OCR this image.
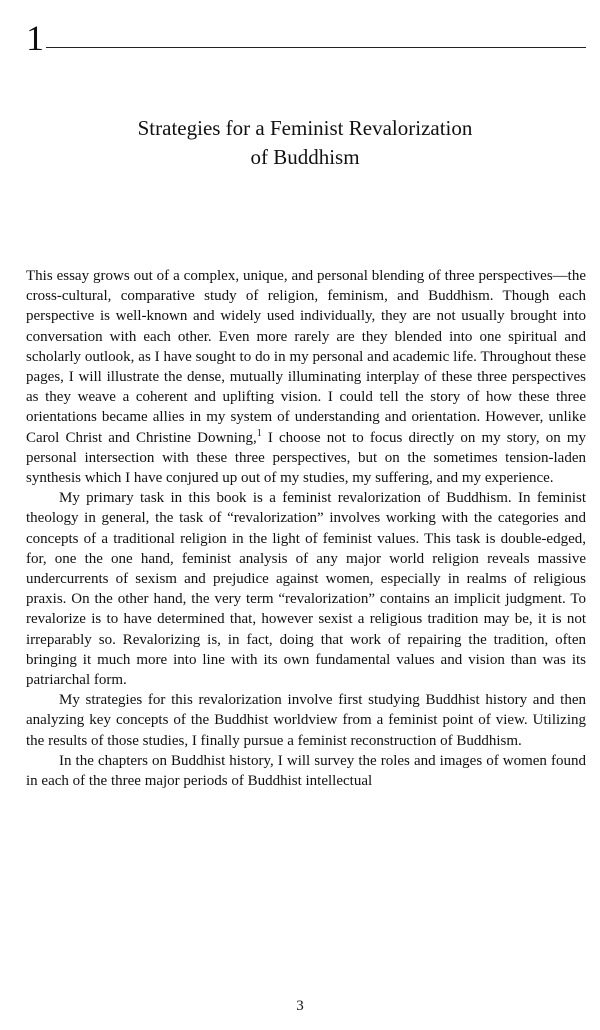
1
Strategies for a Feminist Revalorization
of Buddhism

This essay grows out of a complex, unique, and personal blending of three perspectives—the cross-cultural, comparative study of religion, feminism, and Buddhism. Though each perspective is well-known and widely used individually, they are not usually brought into conversation with each other. Even more rarely are they blended into one spiritual and scholarly outlook, as I have sought to do in my personal and academic life. Throughout these pages, I will illustrate the dense, mutually illuminating interplay of these three perspectives as they weave a coherent and uplifting vision. I could tell the story of how these three orientations became allies in my system of understanding and orientation. However, unlike Carol Christ and Christine Downing,$^1$ I choose not to focus directly on my story, on my personal intersection with these three perspectives, but on the sometimes tension-laden synthesis which I have conjured up out of my studies, my suffering, and my experience.

My primary task in this book is a feminist revalorization of Buddhism. In feminist theology in general, the task of “revalorization” involves working with the categories and concepts of a traditional religion in the light of feminist values. This task is double-edged, for, one the one hand, feminist analysis of any major world religion reveals massive undercurrents of sexism and prejudice against women, especially in realms of religious praxis. On the other hand, the very term “revalorization” contains an implicit judgment. To revalorize is to have determined that, however sexist a religious tradition may be, it is not irreparably so. Revalorizing is, in fact, doing that work of repairing the tradition, often bringing it much more into line with its own fundamental values and vision than was its patriarchal form.

My strategies for this revalorization involve first studying Buddhist history and then analyzing key concepts of the Buddhist worldview from a feminist point of view. Utilizing the results of those studies, I finally pursue a feminist reconstruction of Buddhism.

In the chapters on Buddhist history, I will survey the roles and images of women found in each of the three major periods of Buddhist intellectual

3
